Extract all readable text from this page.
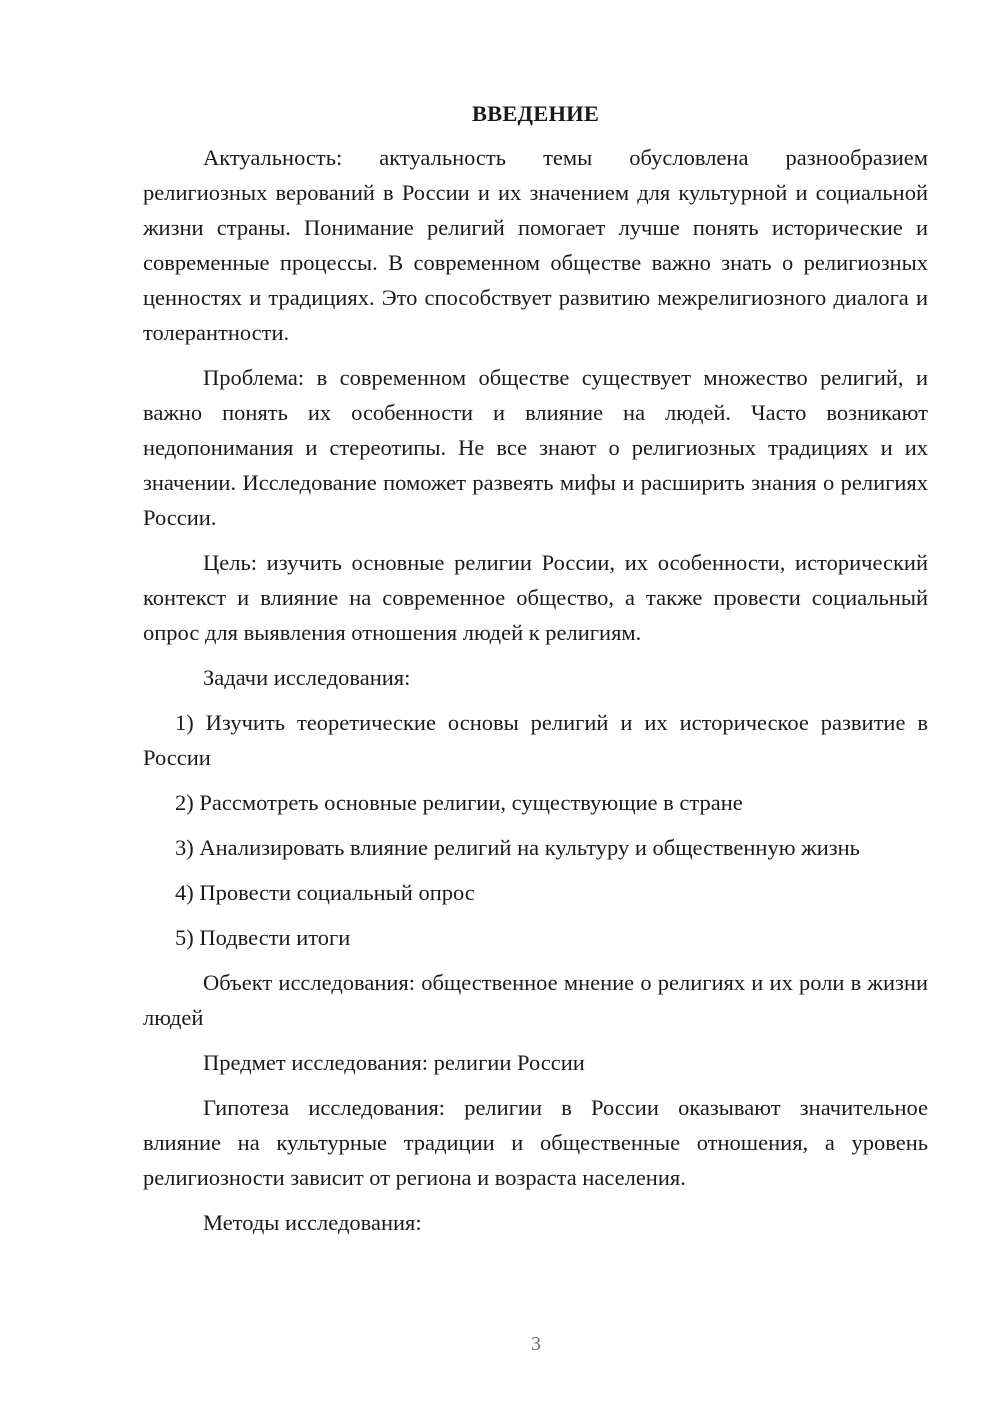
ВВЕДЕНИЕ

Актуальность: актуальность темы обусловлена разнообразием религиозных верований в России и их значением для культурной и социальной жизни страны. Понимание религий помогает лучше понять исторические и современные процессы. В современном обществе важно знать о религиозных ценностях и традициях. Это способствует развитию межрелигиозного диалога и толерантности.

Проблема: в современном обществе существует множество религий, и важно понять их особенности и влияние на людей. Часто возникают недопонимания и стереотипы. Не все знают о религиозных традициях и их значении. Исследование поможет развеять мифы и расширить знания о религиях России.

Цель: изучить основные религии России, их особенности, исторический контекст и влияние на современное общество, а также провести социальный опрос для выявления отношения людей к религиям.

Задачи исследования:

1) Изучить теоретические основы религий и их историческое развитие в России

2) Рассмотреть основные религии, существующие в стране

3) Анализировать влияние религий на культуру и общественную жизнь

4) Провести социальный опрос

5) Подвести итоги

Объект исследования: общественное мнение о религиях и их роли в жизни людей

Предмет исследования: религии России

Гипотеза исследования: религии в России оказывают значительное влияние на культурные традиции и общественные отношения, а уровень религиозности зависит от региона и возраста населения.

Методы исследования:

3
